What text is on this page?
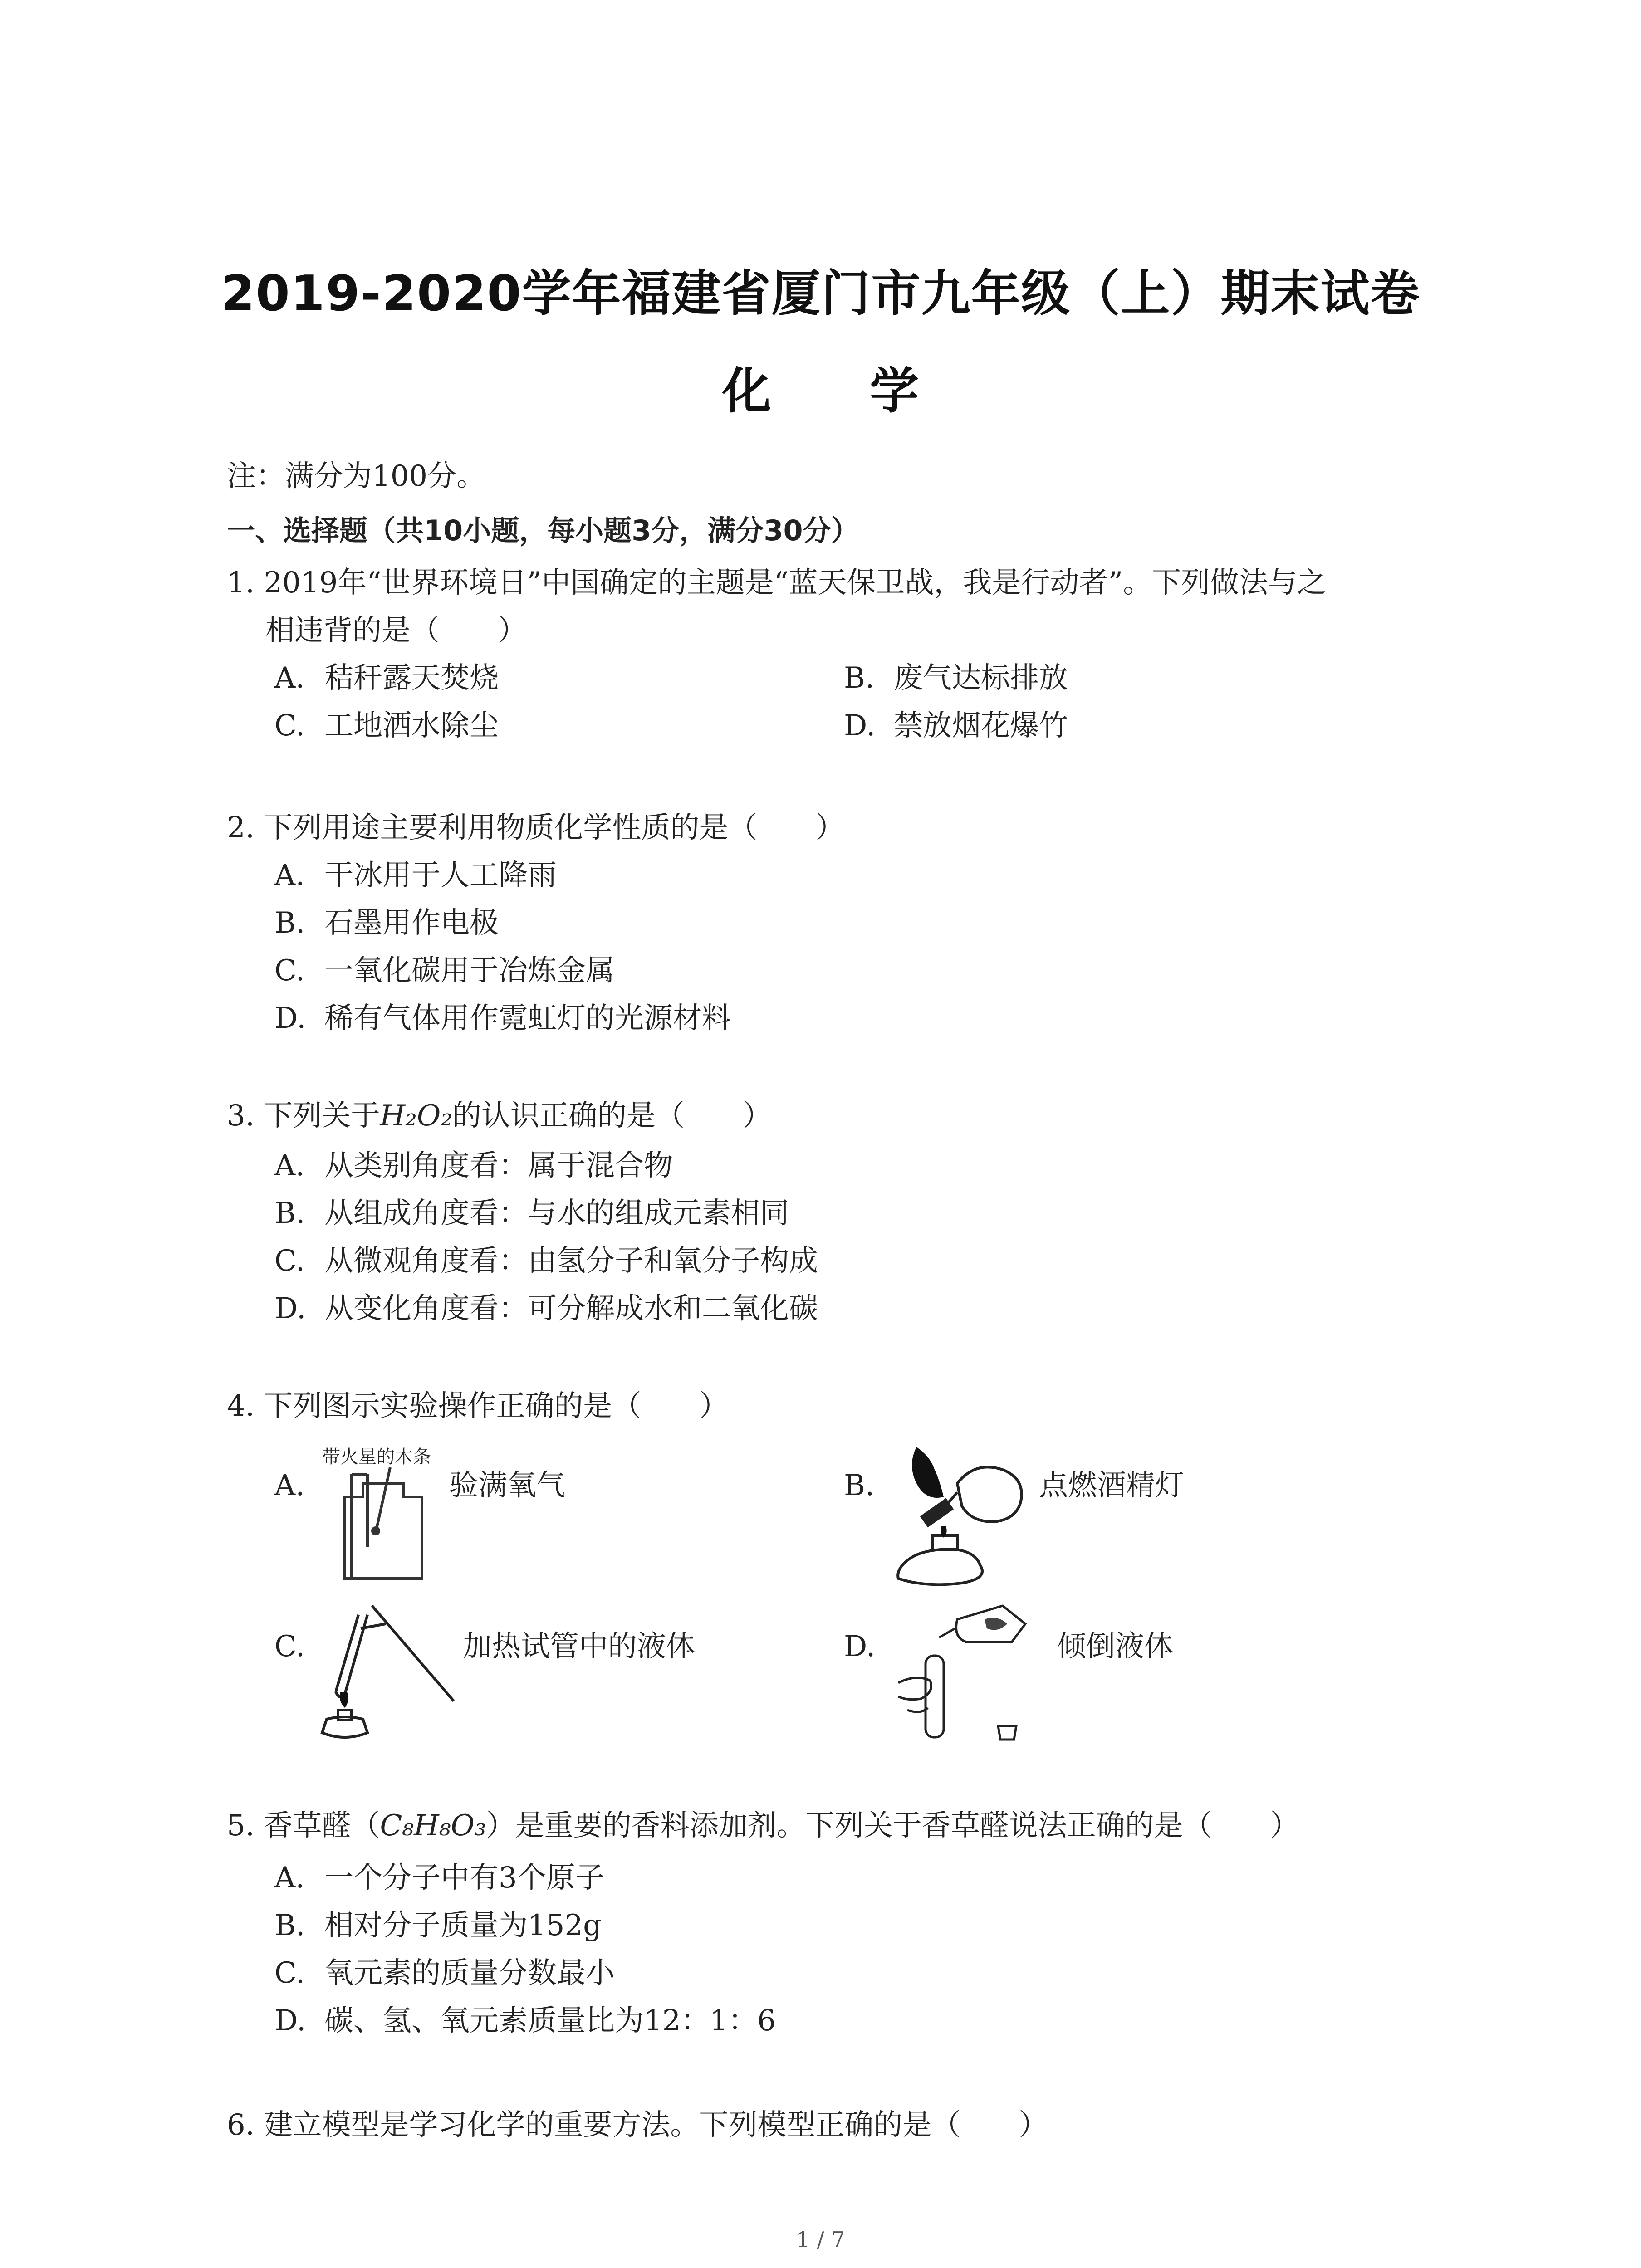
2019-2020学年福建省厦门市九年级（上）期末试卷
化 学
注：满分为100分。
一、选择题（共10小题，每小题3分，满分30分）
1. 2019年“世界环境日”中国确定的主题是“蓝天保卫战，我是行动者”。下列做法与之
相违背的是（　　）
A. 秸秆露天焚烧	B. 废气达标排放
C. 工地洒水除尘	D. 禁放烟花爆竹
2. 下列用途主要利用物质化学性质的是（　　）
A. 干冰用于人工降雨
B. 石墨用作电极
C. 一氧化碳用于冶炼金属
D. 稀有气体用作霓虹灯的光源材料
3. 下列关于H₂O₂的认识正确的是（　　）
A. 从类别角度看：属于混合物
B. 从组成角度看：与水的组成元素相同
C. 从微观角度看：由氢分子和氧分子构成
D. 从变化角度看：可分解成水和二氧化碳
4. 下列图示实验操作正确的是（　　）
带火星的木条
A.	验满氧气	B.	点燃酒精灯
C.	加热试管中的液体	D.	倾倒液体
5. 香草醛（C₈H₈O₃）是重要的香料添加剂。下列关于香草醛说法正确的是（　　）
A. 一个分子中有3个原子
B. 相对分子质量为152g
C. 氧元素的质量分数最小
D. 碳、氢、氧元素质量比为12：1：6
6. 建立模型是学习化学的重要方法。下列模型正确的是（　　）
1 / 7
